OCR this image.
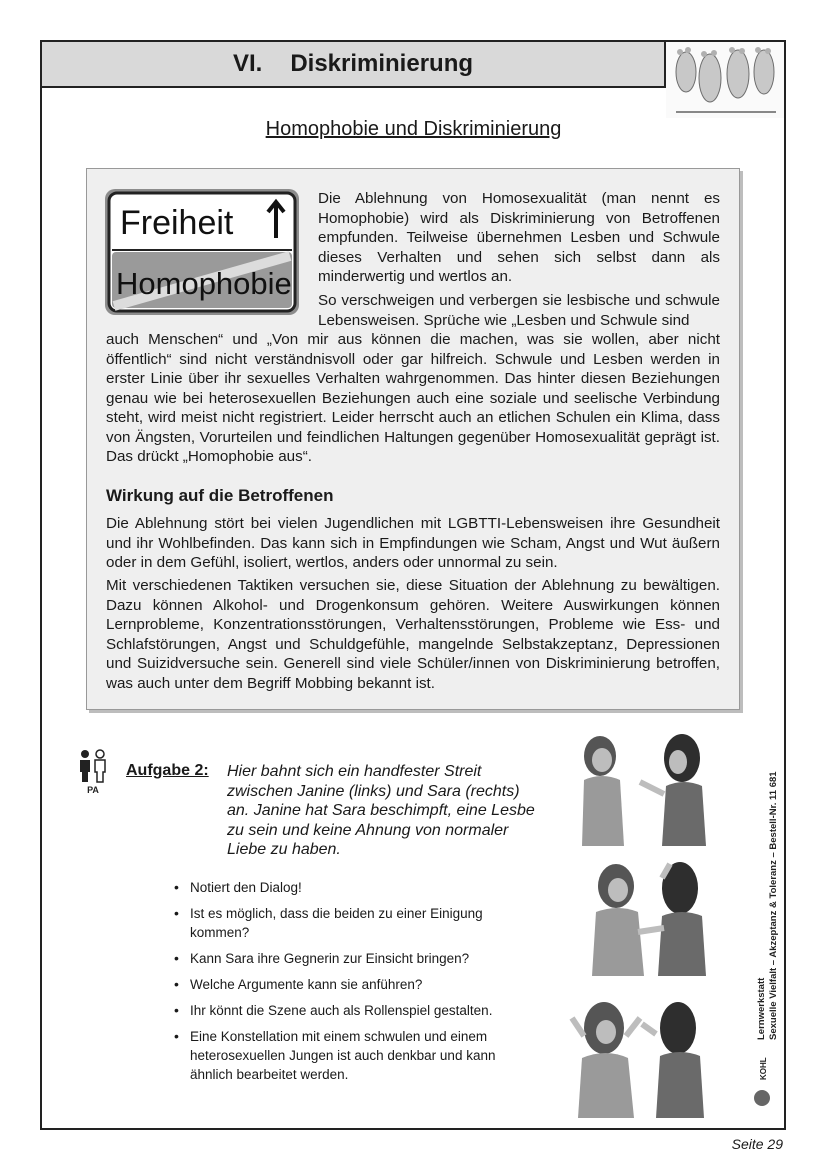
VI. Diskriminierung
Homophobie und Diskriminierung
Freiheit
Homophobie
Die Ablehnung von Homosexualität (man nennt es Homophobie) wird als Diskriminierung von Betroffenen empfunden. Teilweise übernehmen Lesben und Schwule dieses Verhalten und sehen sich selbst dann als minderwertig und wertlos an.
So verschweigen und verbergen sie lesbische und schwule Lebensweisen. Sprüche wie „Lesben und Schwule sind
auch Menschen“ und „Von mir aus können die machen, was sie wollen, aber nicht öffentlich“ sind nicht verständnisvoll oder gar hilfreich. Schwule und Lesben werden in erster Linie über ihr sexuelles Verhalten wahrgenommen. Das hinter diesen Beziehungen genau wie bei heterosexuellen Beziehungen auch eine soziale und seelische Verbindung steht, wird meist nicht registriert. Leider herrscht auch an etlichen Schulen ein Klima, dass von Ängsten, Vorurteilen und feindlichen Haltungen gegenüber Homosexualität geprägt ist. Das drückt „Homophobie aus“.
Wirkung auf die Betroffenen
Die Ablehnung stört bei vielen Jugendlichen mit LGBTTI-Lebensweisen ihre Gesundheit und ihr Wohlbefinden. Das kann sich in Empfindungen wie Scham, Angst und Wut äußern oder in dem Gefühl, isoliert, wertlos, anders oder unnormal zu sein.
Mit verschiedenen Taktiken versuchen sie, diese Situation der Ablehnung zu bewältigen. Dazu können Alkohol- und Drogenkonsum gehören. Weitere Auswirkungen können Lernprobleme, Konzentrationsstörungen, Verhaltensstörungen, Probleme wie Ess- und Schlafstörungen, Angst und Schuldgefühle, mangelnde Selbstakzeptanz, Depressionen und Suizidversuche sein. Generell sind viele Schüler/innen von Diskriminierung betroffen, was auch unter dem Begriff Mobbing bekannt ist.
PA
Aufgabe 2: Hier bahnt sich ein handfester Streit zwischen Janine (links) und Sara (rechts) an. Janine hat Sara beschimpft, eine Lesbe zu sein und keine Ahnung von normaler Liebe zu haben.
• Notiert den Dialog!
• Ist es möglich, dass die beiden zu einer Einigung kommen?
• Kann Sara ihre Gegnerin zur Einsicht bringen?
• Welche Argumente kann sie anführen?
• Ihr könnt die Szene auch als Rollenspiel gestalten.
• Eine Konstellation mit einem schwulen und einem heterosexuellen Jungen ist auch denkbar und kann ähnlich bearbeitet werden.
Lernwerkstatt Sexuelle Vielfalt – Akzeptanz & Toleranz – Bestell-Nr. 11 681
KOHL
Seite 29
